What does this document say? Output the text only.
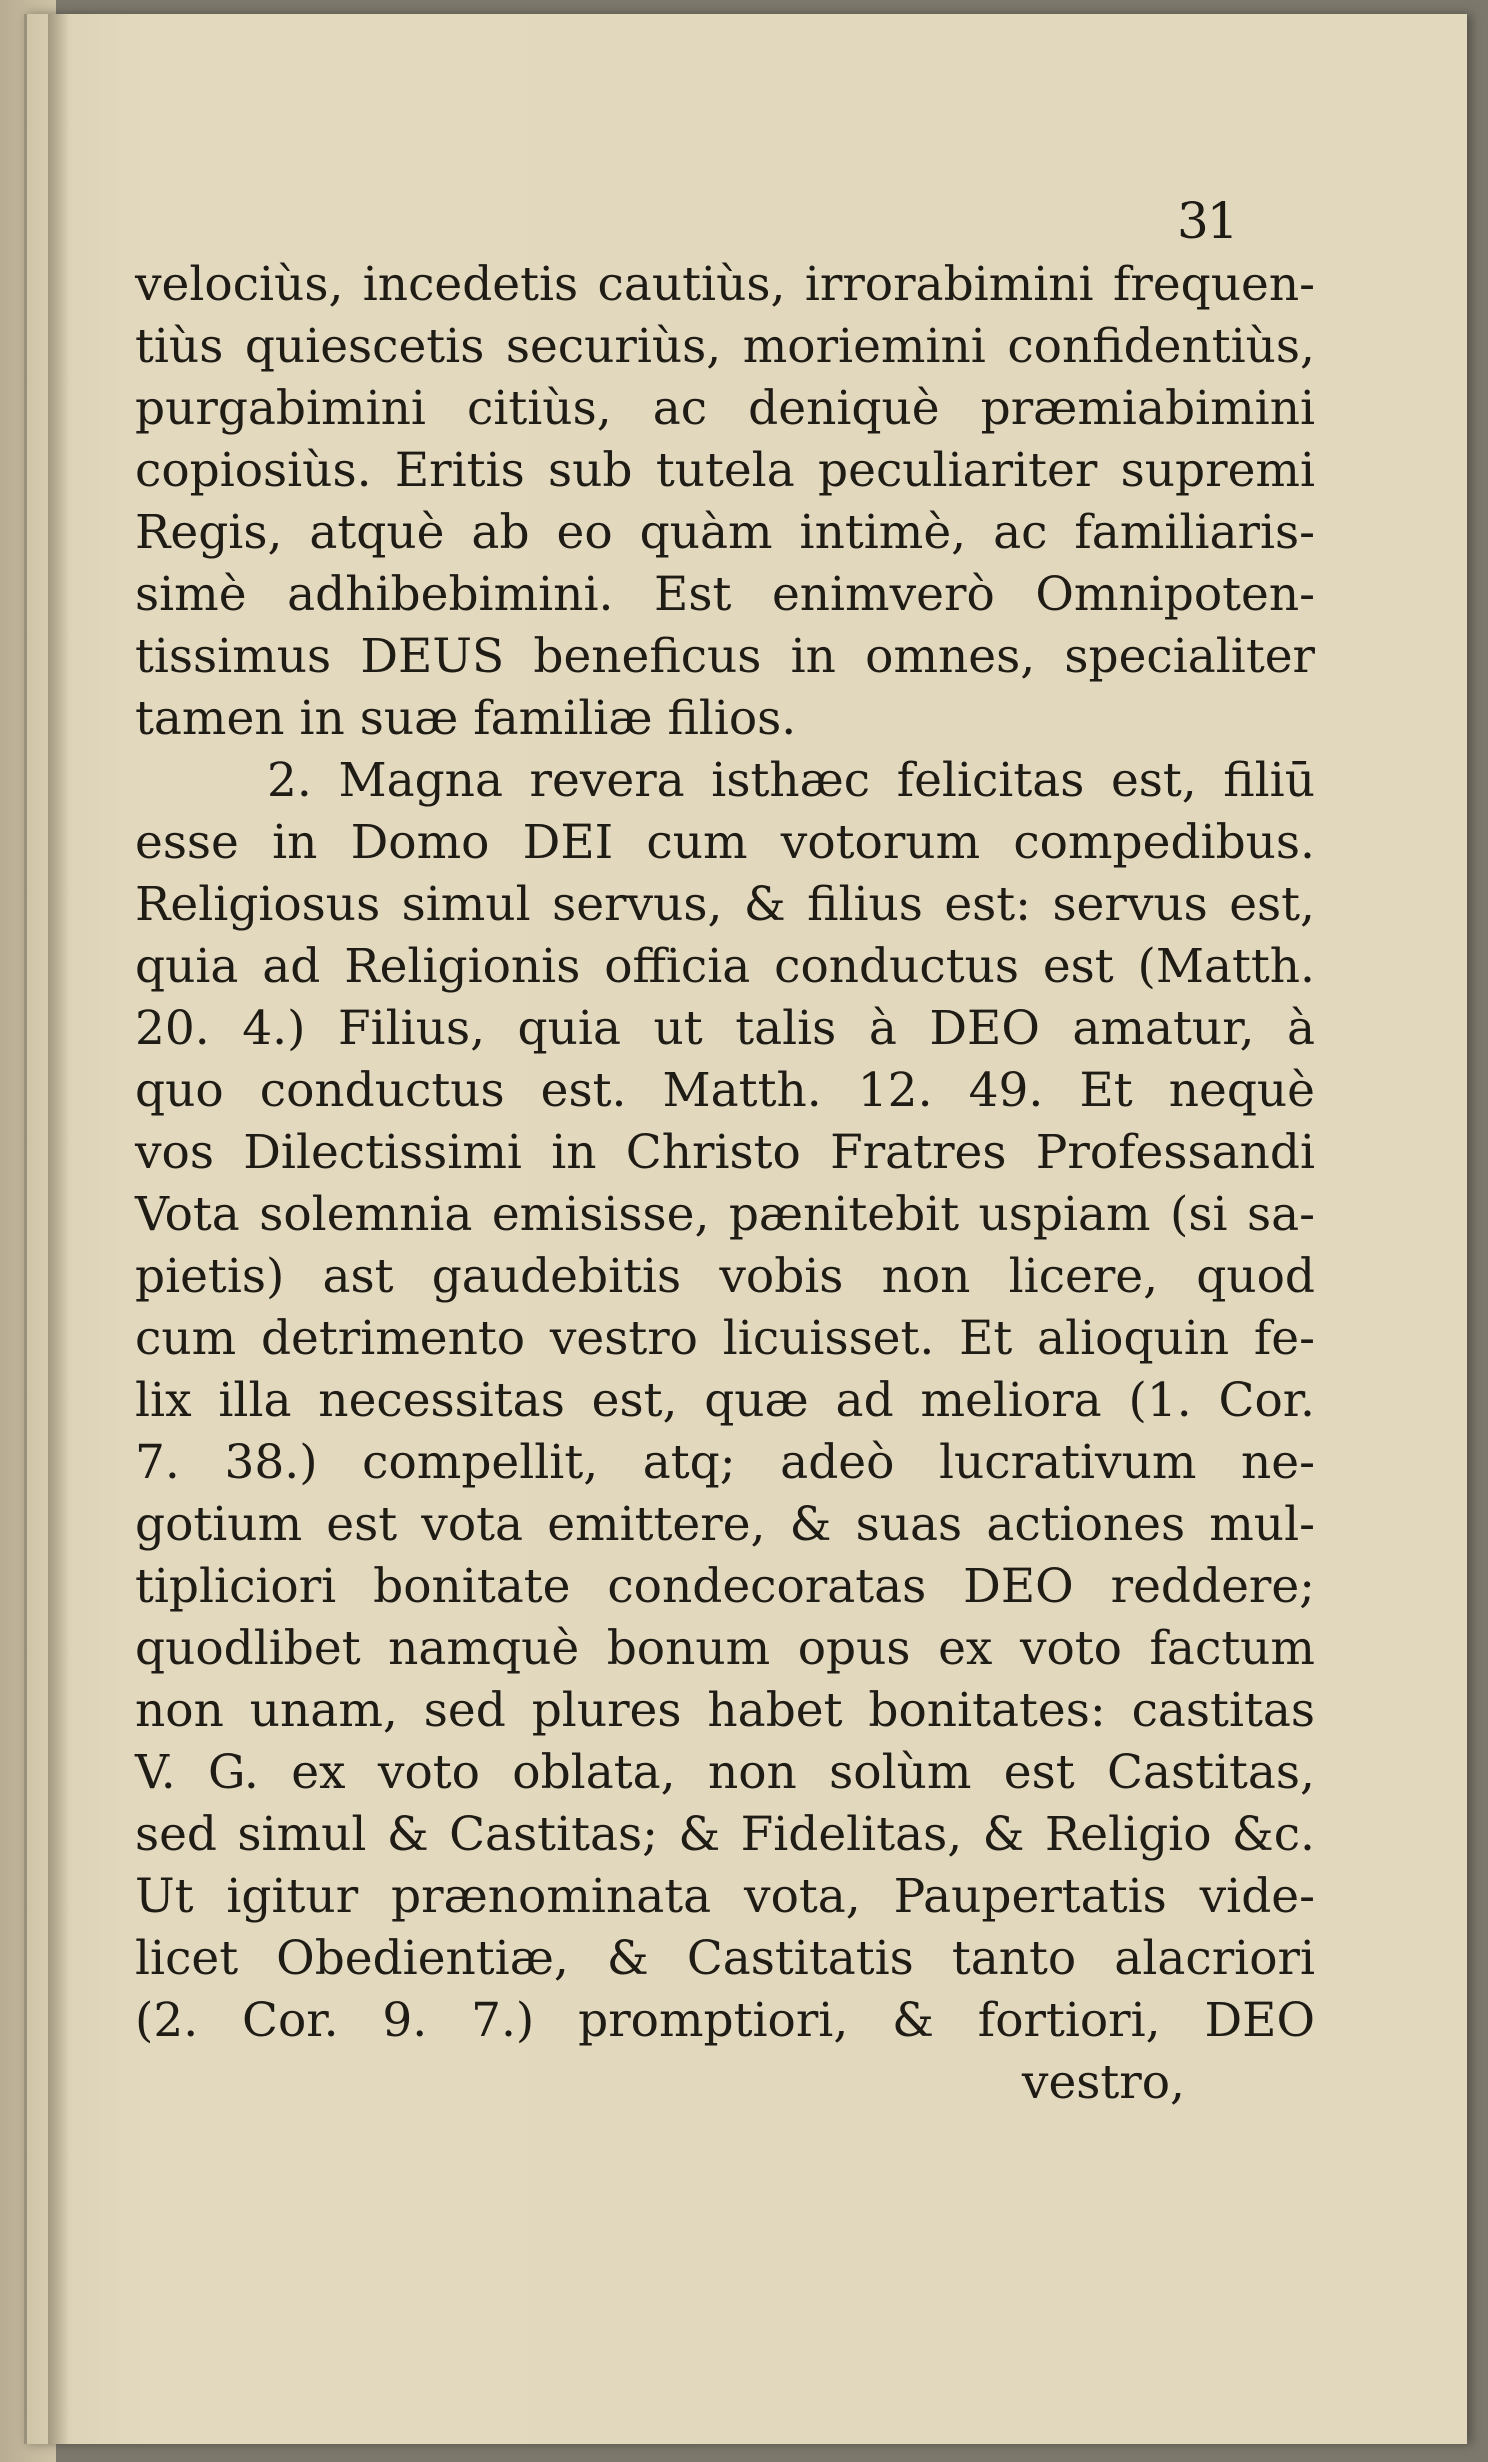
31
velociùs, incedetis cautiùs, irrorabimini frequen-
tiùs quiescetis securiùs, moriemini confidentiùs,
purgabimini citiùs, ac deniquè præmiabimini
copiosiùs. Eritis sub tutela peculiariter supremi
Regis, atquè ab eo quàm intimè, ac familiaris-
simè adhibebimini. Est enimverò Omnipoten-
tissimus DEUS beneficus in omnes, specialiter
tamen in suæ familiæ filios.
2. Magna revera isthæc felicitas est, filiū
esse in Domo DEI cum votorum compedibus.
Religiosus simul servus, & filius est: servus est,
quia ad Religionis officia conductus est (Matth.
20. 4.) Filius, quia ut talis à DEO amatur, à
quo conductus est. Matth. 12. 49. Et nequè
vos Dilectissimi in Christo Fratres Professandi
Vota solemnia emisisse, pænitebit uspiam (si sa-
pietis) ast gaudebitis vobis non licere, quod
cum detrimento vestro licuisset. Et alioquin fe-
lix illa necessitas est, quæ ad meliora (1. Cor.
7. 38.) compellit, atq; adeò lucrativum ne-
gotium est vota emittere, & suas actiones mul-
tipliciori bonitate condecoratas DEO reddere;
quodlibet namquè bonum opus ex voto factum
non unam, sed plures habet bonitates: castitas
V. G. ex voto oblata, non solùm est Castitas,
sed simul & Castitas; & Fidelitas, & Religio &c.
Ut igitur prænominata vota, Paupertatis vide-
licet Obedientiæ, & Castitatis tanto alacriori
(2. Cor. 9. 7.) promptiori, & fortiori, DEO
vestro,
